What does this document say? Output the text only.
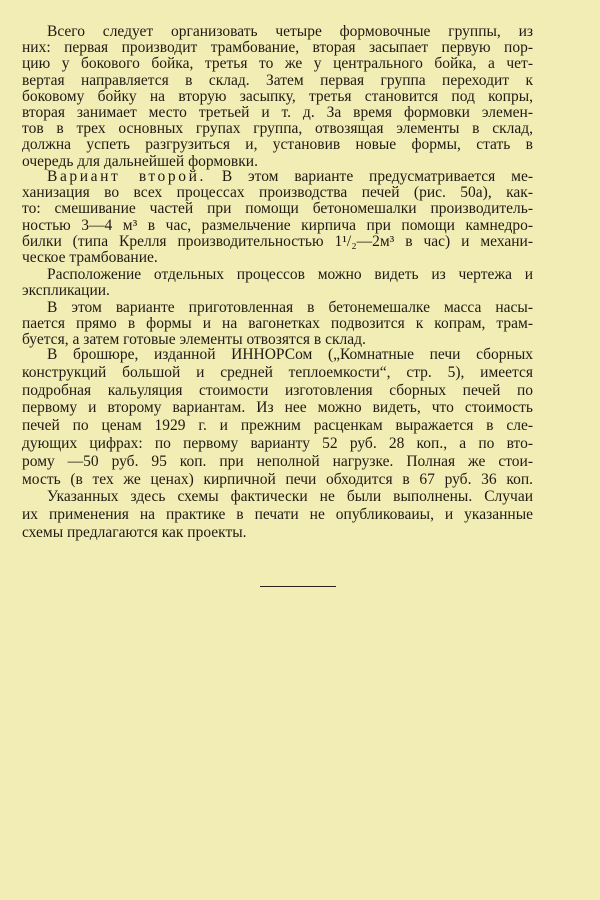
Всего следует организовать четыре формовочные группы, из
них: первая производит трамбование, вторая засыпает первую пор-
цию у бокового бойка, третья то же у центрального бойка, а чет-
вертая направляется в склад. Затем первая группа переходит к
боковому бойку на вторую засыпку, третья становится под копры,
вторая занимает место третьей и т. д. За время формовки элемен-
тов в трех основных групах группа, отвозящая элементы в склад,
должна успеть разгрузиться и, установив новые формы, стать в
очередь для дальнейшей формовки.
Вариант второй. В этом варианте предусматривается ме-
ханизация во всех процессах производства печей (рис. 50а), как-
то: смешивание частей при помощи бетономешалки производитель-
ностью 3—4 м³ в час, размельчение кирпича при помощи камнедро-
билки (типа Крелля производительностью 1¹/₂—2м³ в час) и механи-
ческое трамбование.
Расположение отдельных процессов можно видеть из чертежа и
экспликации.
В этом варианте приготовленная в бетонемешалке масса насы-
пается прямо в формы и на вагонетках подвозится к копрам, трам-
буется, а затем готовые элементы отвозятся в склад.
В брошюре, изданной ИННОРСом („Комнатные печи сборных
конструкций большой и средней теплоемкости“, стр. 5), имеется
подробная кальуляция стоимости изготовления сборных печей по
первому и второму вариантам. Из нее можно видеть, что стоимость
печей по ценам 1929 г. и прежним расценкам выражается в сле-
дующих цифрах: по первому варианту 52 руб. 28 коп., а по вто-
рому —50 руб. 95 коп. при неполной нагрузке. Полная же стои-
мость (в тех же ценах) кирпичной печи обходится в 67 руб. 36 коп.
Указанных здесь схемы фактически не были выполнены. Случаи
их применения на практике в печати не опубликоваиы, и указанные
схемы предлагаются как проекты.
